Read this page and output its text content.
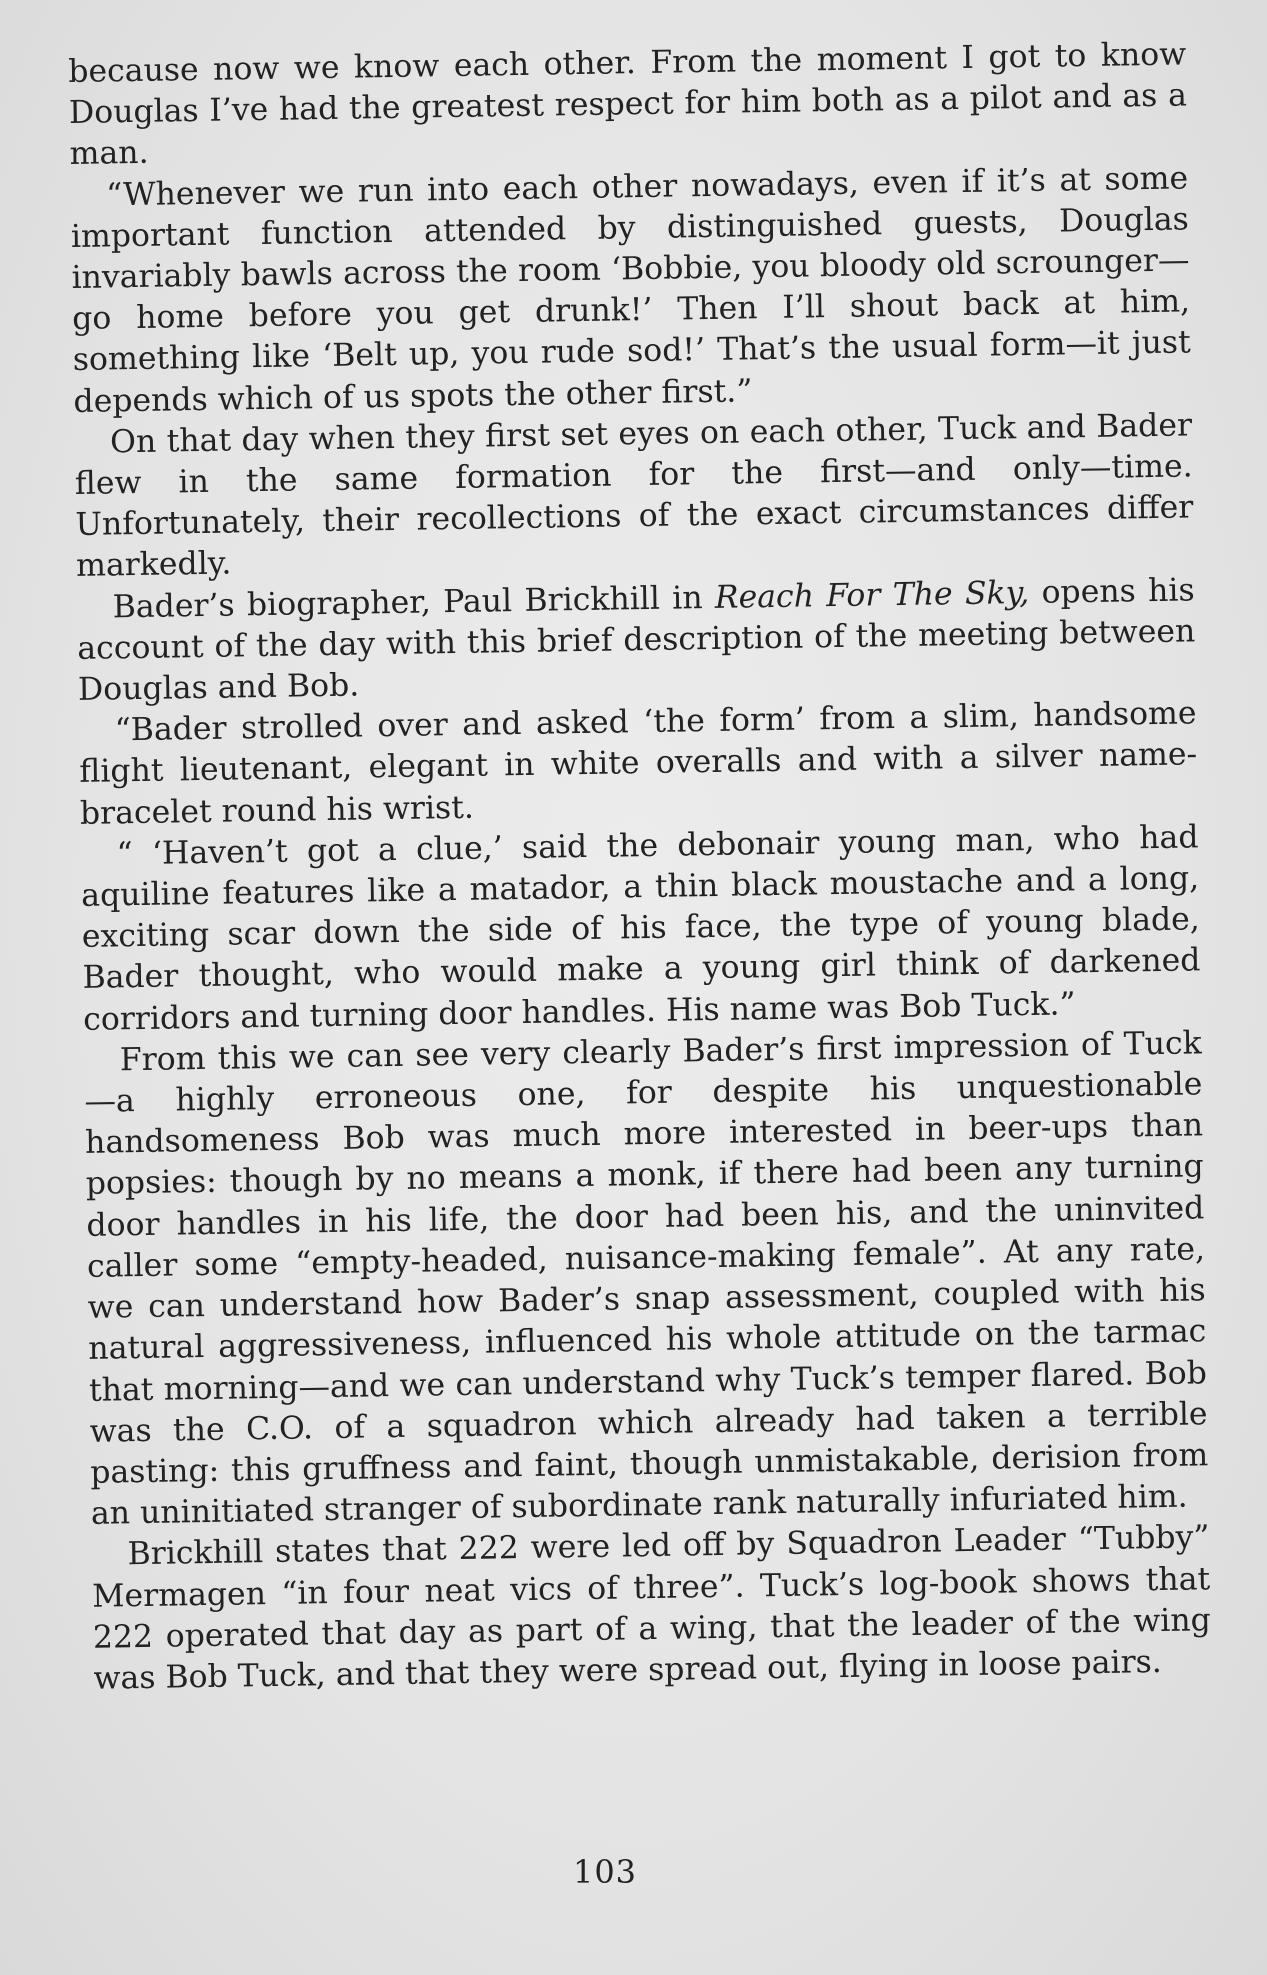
because now we know each other. From the moment I got to know Douglas I’ve had the greatest respect for him both as a pilot and as a man.

“Whenever we run into each other nowadays, even if it’s at some important function attended by distinguished guests, Douglas invariably bawls across the room ‘Bobbie, you bloody old scrounger—go home before you get drunk!’ Then I’ll shout back at him, something like ‘Belt up, you rude sod!’ That’s the usual form—it just depends which of us spots the other first.”

On that day when they first set eyes on each other, Tuck and Bader flew in the same formation for the first—and only—time. Unfortunately, their recollections of the exact circumstances differ markedly.

Bader’s biographer, Paul Brickhill in Reach For The Sky, opens his account of the day with this brief description of the meeting between Douglas and Bob.

“Bader strolled over and asked ‘the form’ from a slim, handsome flight lieutenant, elegant in white overalls and with a silver name-bracelet round his wrist.

“ ‘Haven’t got a clue,’ said the debonair young man, who had aquiline features like a matador, a thin black moustache and a long, exciting scar down the side of his face, the type of young blade, Bader thought, who would make a young girl think of darkened corridors and turning door handles. His name was Bob Tuck.”

From this we can see very clearly Bader’s first impression of Tuck—a highly erroneous one, for despite his unquestionable handsomeness Bob was much more interested in beer-ups than popsies: though by no means a monk, if there had been any turning door handles in his life, the door had been his, and the uninvited caller some “empty-headed, nuisance-making female”. At any rate, we can understand how Bader’s snap assessment, coupled with his natural aggressiveness, influenced his whole attitude on the tarmac that morning—and we can understand why Tuck’s temper flared. Bob was the C.O. of a squadron which already had taken a terrible pasting: this gruffness and faint, though unmistakable, derision from an uninitiated stranger of subordinate rank naturally infuriated him.

Brickhill states that 222 were led off by Squadron Leader “Tubby” Mermagen “in four neat vics of three”. Tuck’s log-book shows that 222 operated that day as part of a wing, that the leader of the wing was Bob Tuck, and that they were spread out, flying in loose pairs.

103
